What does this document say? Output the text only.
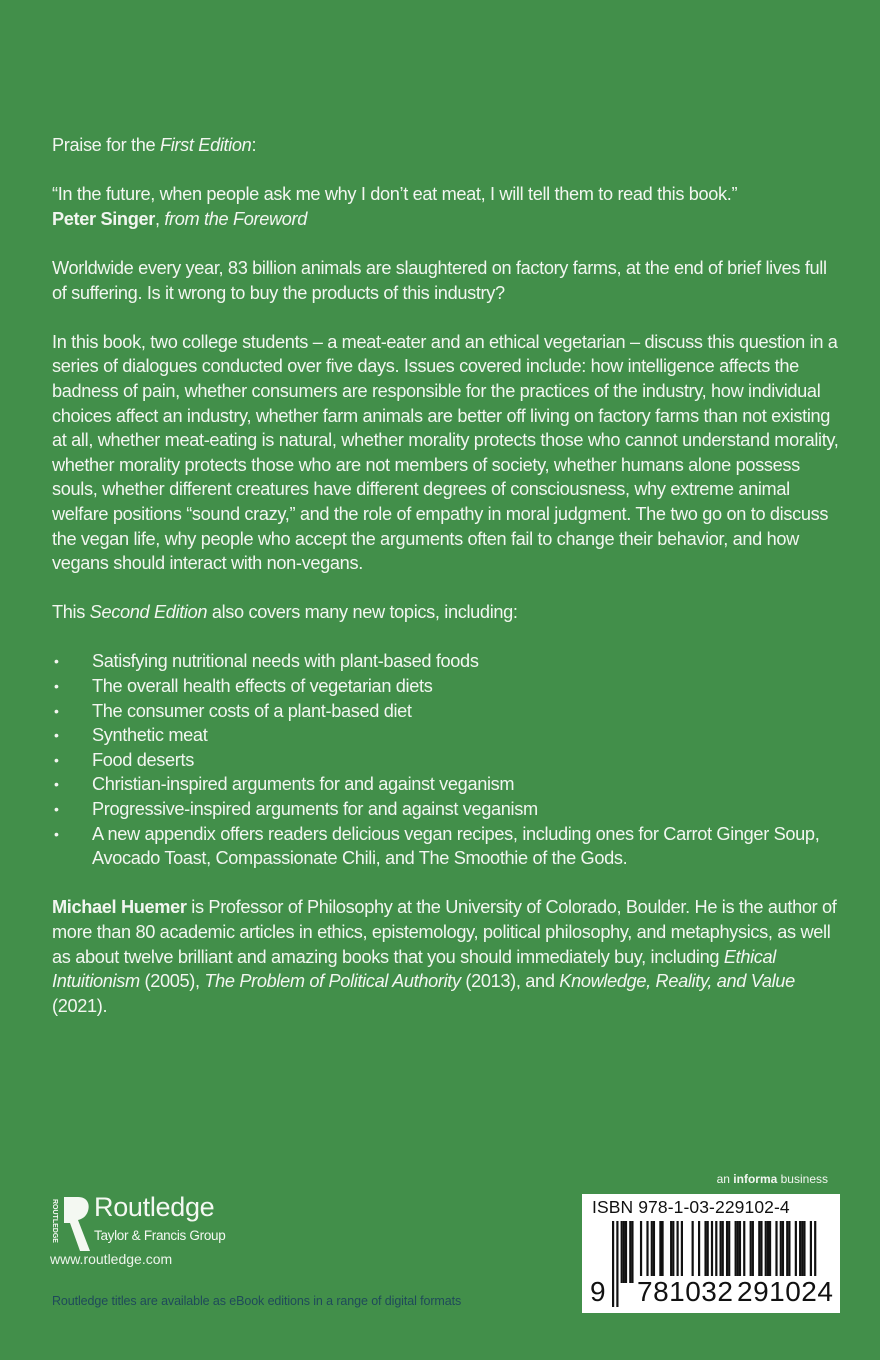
Praise for the First Edition:

“In the future, when people ask me why I don’t eat meat, I will tell them to read this book.”

Peter Singer, from the Foreword

Worldwide every year, 83 billion animals are slaughtered on factory farms, at the end of brief lives full of suffering. Is it wrong to buy the products of this industry?

In this book, two college students – a meat-eater and an ethical vegetarian – discuss this question in a series of dialogues conducted over five days. Issues covered include: how intelligence affects the badness of pain, whether consumers are responsible for the practices of the industry, how individual choices affect an industry, whether farm animals are better off living on factory farms than not existing at all, whether meat-eating is natural, whether morality protects those who cannot understand morality, whether morality protects those who are not members of society, whether humans alone possess souls, whether different creatures have different degrees of consciousness, why extreme animal welfare positions “sound crazy,” and the role of empathy in moral judgment. The two go on to discuss the vegan life, why people who accept the arguments often fail to change their behavior, and how vegans should interact with non-vegans.

This Second Edition also covers many new topics, including:

• Satisfying nutritional needs with plant-based foods
• The overall health effects of vegetarian diets
• The consumer costs of a plant-based diet
• Synthetic meat
• Food deserts
• Christian-inspired arguments for and against veganism
• Progressive-inspired arguments for and against veganism
• A new appendix offers readers delicious vegan recipes, including ones for Carrot Ginger Soup, Avocado Toast, Compassionate Chili, and The Smoothie of the Gods.

Michael Huemer is Professor of Philosophy at the University of Colorado, Boulder. He is the author of more than 80 academic articles in ethics, epistemology, political philosophy, and metaphysics, as well as about twelve brilliant and amazing books that you should immediately buy, including Ethical Intuitionism (2005), The Problem of Political Authority (2013), and Knowledge, Reality, and Value (2021).

ROUTLEDGE Routledge
Taylor & Francis Group
www.routledge.com
Routledge titles are available as eBook editions in a range of digital formats
an informa business
ISBN 978-1-03-229102-4
9 781032 291024
